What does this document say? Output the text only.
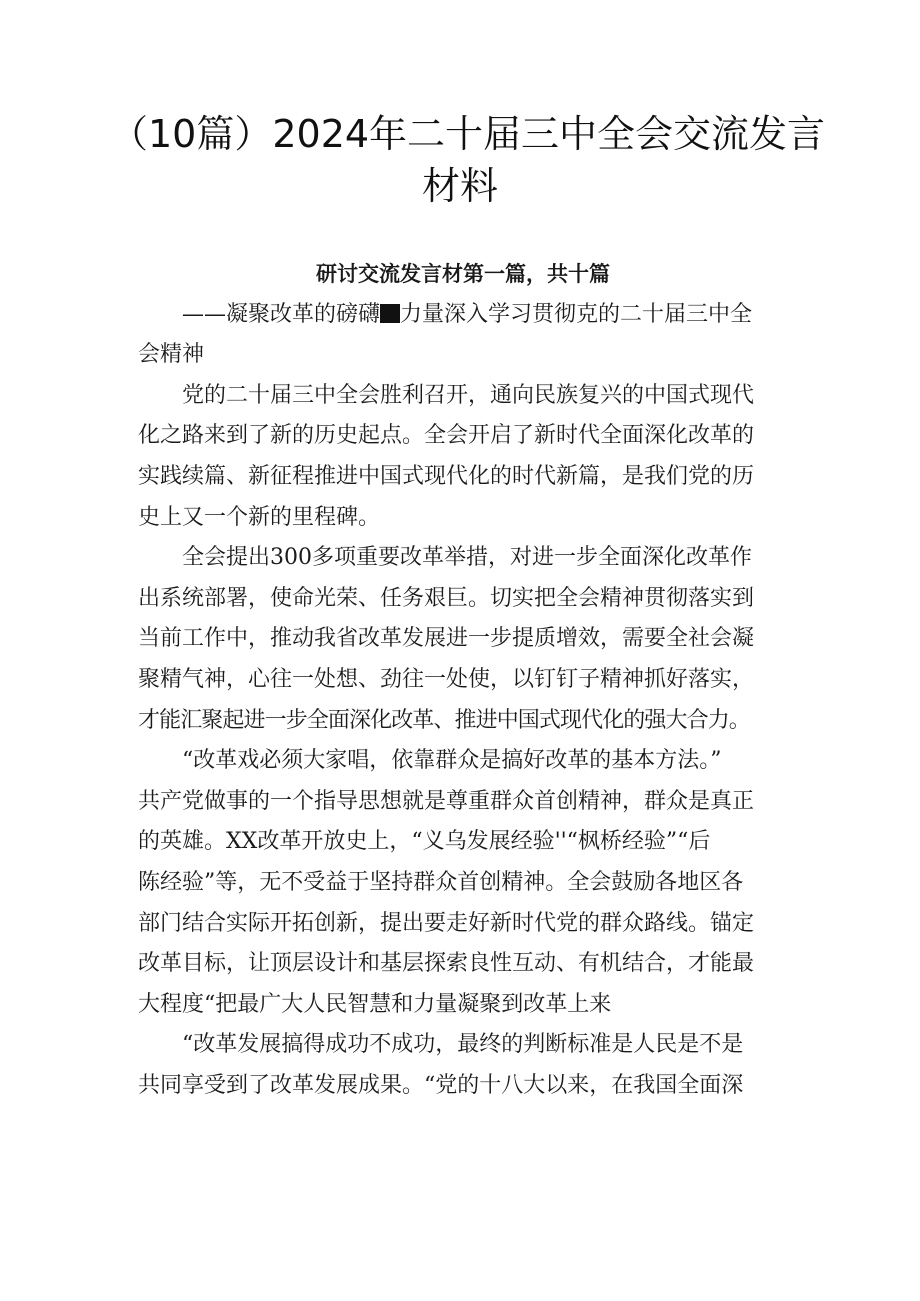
（10篇）2024年二十届三中全会交流发言
材料

研讨交流发言材第一篇，共十篇

——凝聚改革的磅礴 力量深入学习贯彻克的二十届三中全
会精神

党的二十届三中全会胜利召开，通向民族复兴的中国式现代
化之路来到了新的历史起点。全会开启了新时代全面深化改革的
实践续篇、新征程推进中国式现代化的时代新篇，是我们党的历
史上又一个新的里程碑。

全会提出300多项重要改革举措，对进一步全面深化改革作
出系统部署，使命光荣、任务艰巨。切实把全会精神贯彻落实到
当前工作中，推动我省改革发展进一步提质增效，需要全社会凝
聚精气神，心往一处想、劲往一处使，以钉钉子精神抓好落实，
才能汇聚起进一步全面深化改革、推进中国式现代化的强大合力。

“改革戏必须大家唱，依靠群众是搞好改革的基本方法。”
共产党做事的一个指导思想就是尊重群众首创精神，群众是真正
的英雄。XX改革开放史上，“义乌发展经验''“枫桥经验”“后
陈经验”等，无不受益于坚持群众首创精神。全会鼓励各地区各
部门结合实际开拓创新，提出要走好新时代党的群众路线。锚定
改革目标，让顶层设计和基层探索良性互动、有机结合，才能最
大程度“把最广大人民智慧和力量凝聚到改革上来

“改革发展搞得成功不成功，最终的判断标准是人民是不是
共同享受到了改革发展成果。“党的十八大以来，在我国全面深
